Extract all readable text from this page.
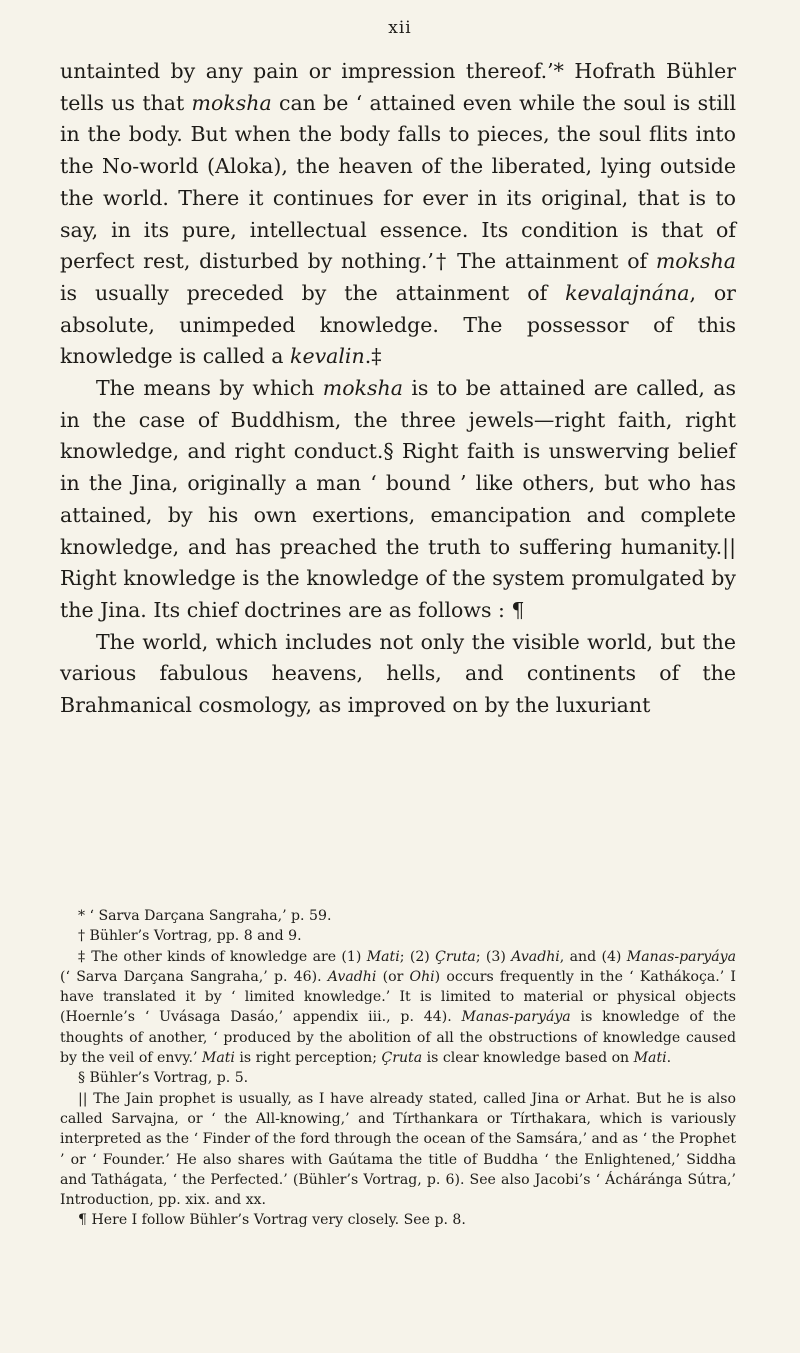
xii

untainted by any pain or impression thereof.’* Hofrath Bühler tells us that moksha can be ‘ attained even while the soul is still in the body. But when the body falls to pieces, the soul flits into the No-world (Aloka), the heaven of the liberated, lying outside the world. There it continues for ever in its original, that is to say, in its pure, intellectual essence. Its condition is that of perfect rest, disturbed by nothing.’† The attainment of moksha is usually preceded by the attainment of kevalajnána, or absolute, unimpeded knowledge. The possessor of this knowledge is called a kevalin.‡

The means by which moksha is to be attained are called, as in the case of Buddhism, the three jewels—right faith, right knowledge, and right conduct.§ Right faith is unswerving belief in the Jina, originally a man ‘ bound ’ like others, but who has attained, by his own exertions, emancipation and complete knowledge, and has preached the truth to suffering humanity.|| Right knowledge is the knowledge of the system promulgated by the Jina. Its chief doctrines are as follows : ¶

The world, which includes not only the visible world, but the various fabulous heavens, hells, and continents of the Brahmanical cosmology, as improved on by the luxuriant

* ‘ Sarva Darçana Sangraha,’ p. 59.

† Bühler’s Vortrag, pp. 8 and 9.

‡ The other kinds of knowledge are (1) Mati; (2) Çruta; (3) Avadhi, and (4) Manas-paryáya (‘ Sarva Darçana Sangraha,’ p. 46). Avadhi (or Ohi) occurs frequently in the ‘ Kathákoça.’ I have translated it by ‘ limited knowledge.’ It is limited to material or physical objects (Hoernle’s ‘ Uvásaga Dasáo,’ appendix iii., p. 44). Manas-paryáya is knowledge of the thoughts of another, ‘ produced by the abolition of all the obstructions of knowledge caused by the veil of envy.’ Mati is right perception; Çruta is clear knowledge based on Mati.

§ Bühler’s Vortrag, p. 5.

|| The Jain prophet is usually, as I have already stated, called Jina or Arhat. But he is also called Sarvajna, or ‘ the All-knowing,’ and Tírthankara or Tírthakara, which is variously interpreted as the ‘ Finder of the ford through the ocean of the Samsára,’ and as ‘ the Prophet ’ or ‘ Founder.’ He also shares with Gaútama the title of Buddha ‘ the Enlightened,’ Siddha and Tathágata, ‘ the Perfected.’ (Bühler’s Vortrag, p. 6). See also Jacobi’s ‘ Ácháránga Sútra,’ Introduction, pp. xix. and xx.

¶ Here I follow Bühler’s Vortrag very closely. See p. 8.
